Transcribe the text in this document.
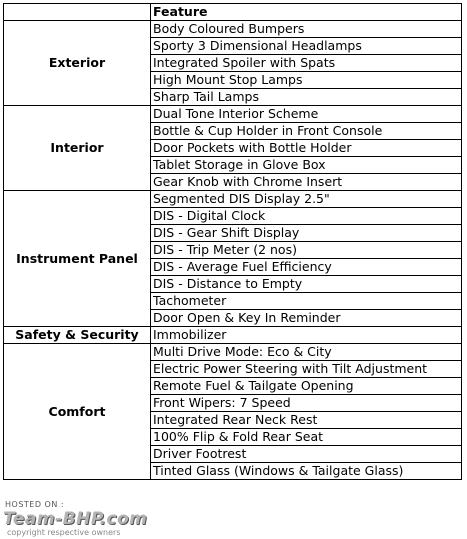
	Feature
Exterior	Body Coloured Bumpers
	Sporty 3 Dimensional Headlamps
	Integrated Spoiler with Spats
	High Mount Stop Lamps
	Sharp Tail Lamps
Interior	Dual Tone Interior Scheme
	Bottle & Cup Holder in Front Console
	Door Pockets with Bottle Holder
	Tablet Storage in Glove Box
	Gear Knob with Chrome Insert
Instrument Panel	Segmented DIS Display 2.5"
	DIS - Digital Clock
	DIS - Gear Shift Display
	DIS - Trip Meter (2 nos)
	DIS - Average Fuel Efficiency
	DIS - Distance to Empty
	Tachometer
	Door Open & Key In Reminder
Safety & Security	Immobilizer
Comfort	Multi Drive Mode: Eco & City
	Electric Power Steering with Tilt Adjustment
	Remote Fuel & Tailgate Opening
	Front Wipers: 7 Speed
	Integrated Rear Neck Rest
	100% Flip & Fold Rear Seat
	Driver Footrest
	Tinted Glass (Windows & Tailgate Glass)
HOSTED ON :
Team-BHP.com
copyright respective owners
